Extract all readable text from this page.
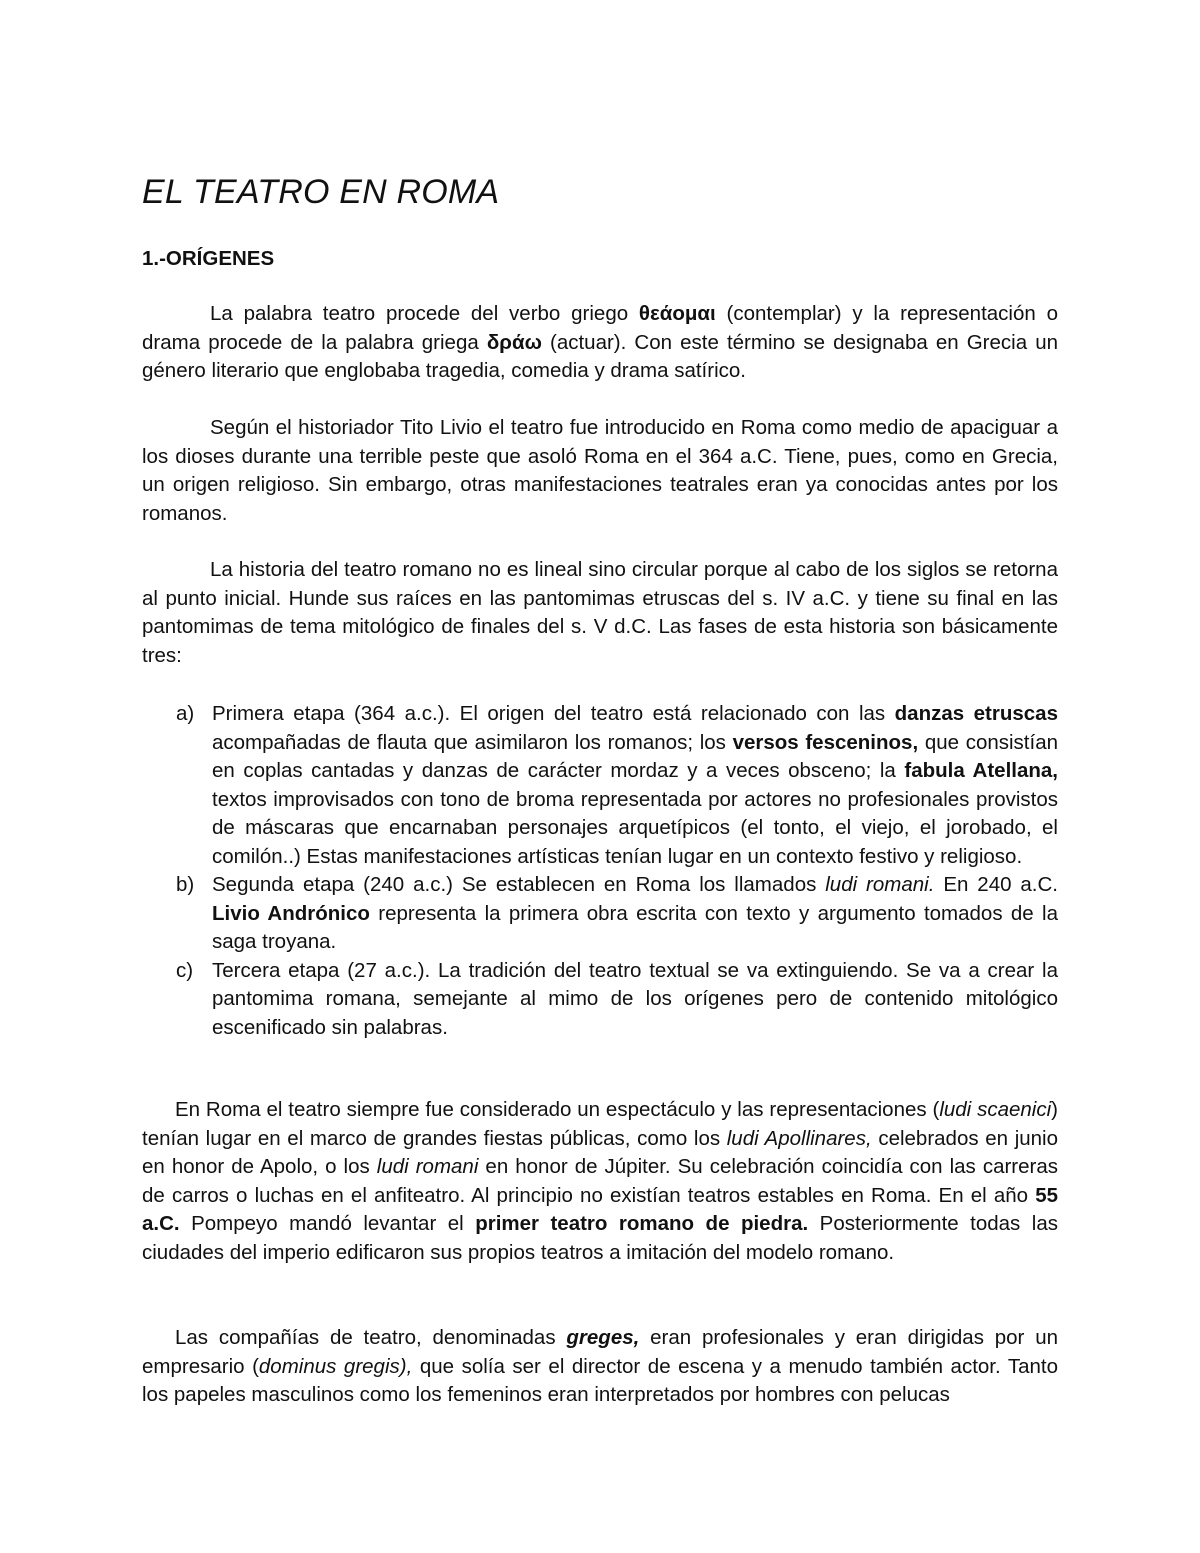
EL TEATRO EN ROMA
1.-ORÍGENES

La palabra teatro procede del verbo griego θεάομαι (contemplar) y la representación o drama procede de la palabra griega δράω (actuar). Con este término se designaba en Grecia un género literario que englobaba tragedia, comedia y drama satírico.

Según el historiador Tito Livio el teatro fue introducido en Roma como medio de apaciguar a los dioses durante una terrible peste que asoló Roma en el 364 a.C. Tiene, pues, como en Grecia, un origen religioso. Sin embargo, otras manifestaciones teatrales eran ya conocidas antes por los romanos.

La historia del teatro romano no es lineal sino circular porque al cabo de los siglos se retorna al punto inicial. Hunde sus raíces en las pantomimas etruscas del s. IV a.C. y tiene su final en las pantomimas de tema mitológico de finales del s. V d.C. Las fases de esta historia son básicamente tres:

a) Primera etapa (364 a.c.). El origen del teatro está relacionado con las danzas etruscas acompañadas de flauta que asimilaron los romanos; los versos fesceninos, que consistían en coplas cantadas y danzas de carácter mordaz y a veces obsceno; la fabula Atellana, textos improvisados con tono de broma representada por actores no profesionales provistos de máscaras que encarnaban personajes arquetípicos (el tonto, el viejo, el jorobado, el comilón..) Estas manifestaciones artísticas tenían lugar en un contexto festivo y religioso.
b) Segunda etapa (240 a.c.) Se establecen en Roma los llamados ludi romani. En 240 a.C. Livio Andrónico representa la primera obra escrita con texto y argumento tomados de la saga troyana.
c) Tercera etapa (27 a.c.). La tradición del teatro textual se va extinguiendo. Se va a crear la pantomima romana, semejante al mimo de los orígenes pero de contenido mitológico escenificado sin palabras.

En Roma el teatro siempre fue considerado un espectáculo y las representaciones (ludi scaenici) tenían lugar en el marco de grandes fiestas públicas, como los ludi Apollinares, celebrados en junio en honor de Apolo, o los ludi romani en honor de Júpiter. Su celebración coincidía con las carreras de carros o luchas en el anfiteatro. Al principio no existían teatros estables en Roma. En el año 55 a.C. Pompeyo mandó levantar el primer teatro romano de piedra. Posteriormente todas las ciudades del imperio edificaron sus propios teatros a imitación del modelo romano.

Las compañías de teatro, denominadas greges, eran profesionales y eran dirigidas por un empresario (dominus gregis), que solía ser el director de escena y a menudo también actor. Tanto los papeles masculinos como los femeninos eran interpretados por hombres con pelucas
